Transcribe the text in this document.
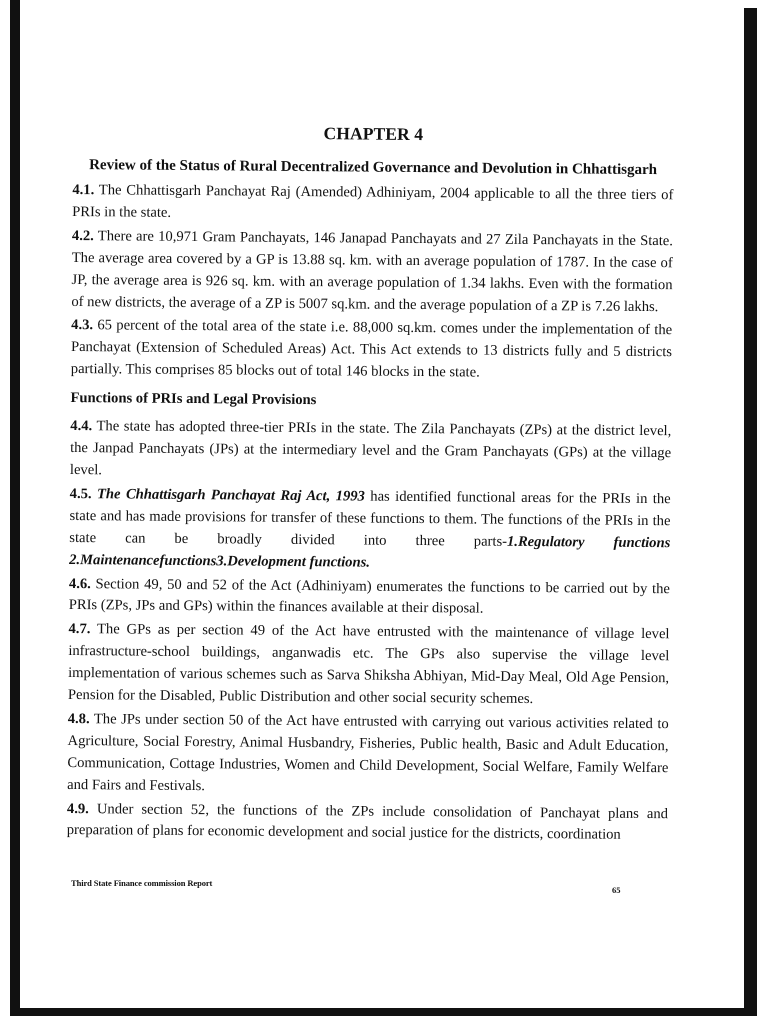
CHAPTER 4
Review of the Status of Rural Decentralized Governance and Devolution in Chhattisgarh

4.1. The Chhattisgarh Panchayat Raj (Amended) Adhiniyam, 2004 applicable to all the three tiers of PRIs in the state.

4.2. There are 10,971 Gram Panchayats, 146 Janapad Panchayats and 27 Zila Panchayats in the State. The average area covered by a GP is 13.88 sq. km. with an average population of 1787. In the case of JP, the average area is 926 sq. km. with an average population of 1.34 lakhs. Even with the formation of new districts, the average of a ZP is 5007 sq.km. and the average population of a ZP is 7.26 lakhs.

4.3. 65 percent of the total area of the state i.e. 88,000 sq.km. comes under the implementation of the Panchayat (Extension of Scheduled Areas) Act. This Act extends to 13 districts fully and 5 districts partially. This comprises 85 blocks out of total 146 blocks in the state.

Functions of PRIs and Legal Provisions

4.4. The state has adopted three-tier PRIs in the state. The Zila Panchayats (ZPs) at the district level, the Janpad Panchayats (JPs) at the intermediary level and the Gram Panchayats (GPs) at the village level.

4.5. The Chhattisgarh Panchayat Raj Act, 1993 has identified functional areas for the PRIs in the state and has made provisions for transfer of these functions to them. The functions of the PRIs in the state can be broadly divided into three parts-1.Regulatory functions 2.Maintenancefunctions3.Development functions.

4.6. Section 49, 50 and 52 of the Act (Adhiniyam) enumerates the functions to be carried out by the PRIs (ZPs, JPs and GPs) within the finances available at their disposal.

4.7. The GPs as per section 49 of the Act have entrusted with the maintenance of village level infrastructure-school buildings, anganwadis etc. The GPs also supervise the village level implementation of various schemes such as Sarva Shiksha Abhiyan, Mid-Day Meal, Old Age Pension, Pension for the Disabled, Public Distribution and other social security schemes.

4.8. The JPs under section 50 of the Act have entrusted with carrying out various activities related to Agriculture, Social Forestry, Animal Husbandry, Fisheries, Public health, Basic and Adult Education, Communication, Cottage Industries, Women and Child Development, Social Welfare, Family Welfare and Fairs and Festivals.

4.9. Under section 52, the functions of the ZPs include consolidation of Panchayat plans and preparation of plans for economic development and social justice for the districts, coordination

Third State Finance commission Report
65
